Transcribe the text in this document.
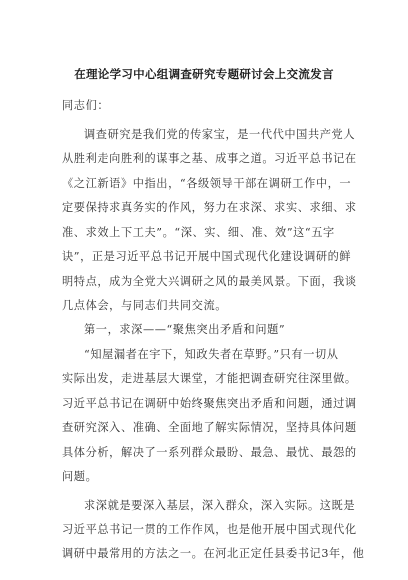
在理论学习中心组调查研究专题研讨会上交流发言
同志们：
调查研究是我们党的传家宝，是一代代中国共产党人
从胜利走向胜利的谋事之基、成事之道。习近平总书记在
《之江新语》中指出，“各级领导干部在调研工作中，一
定要保持求真务实的作风，努力在求深、求实、求细、求
准、求效上下工夫”。“深、实、细、准、效”这“五字
诀”，正是习近平总书记开展中国式现代化建设调研的鲜
明特点，成为全党大兴调研之风的最美风景。下面，我谈
几点体会，与同志们共同交流。
第一，求深——“聚焦突出矛盾和问题”
“知屋漏者在宇下，知政失者在草野。”只有一切从
实际出发，走进基层大课堂，才能把调查研究往深里做。
习近平总书记在调研中始终聚焦突出矛盾和问题，通过调
查研究深入、准确、全面地了解实际情况，坚持具体问题
具体分析，解决了一系列群众最盼、最急、最忧、最怨的
问题。
求深就是要深入基层，深入群众，深入实际。这既是
习近平总书记一贯的工作作风，也是他开展中国式现代化
调研中最常用的方法之一。在河北正定任县委书记3年，他
